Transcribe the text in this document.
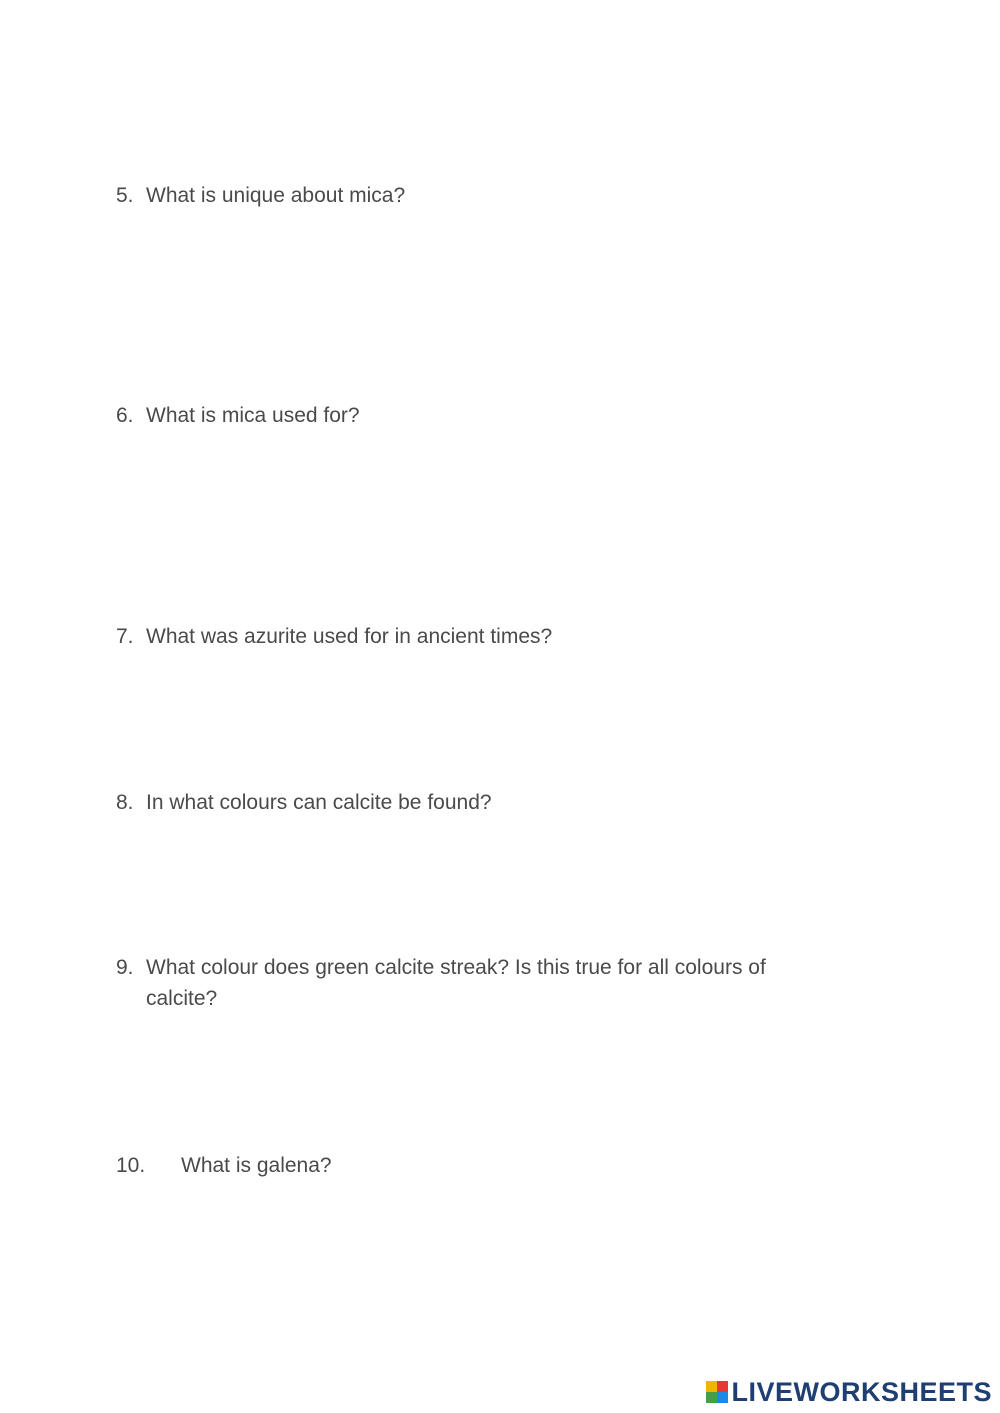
5. What is unique about mica?
6. What is mica used for?
7. What was azurite used for in ancient times?
8. In what colours can calcite be found?
9. What colour does green calcite streak? Is this true for all colours of calcite?
10. What is galena?
LIVEWORKSHEETS
